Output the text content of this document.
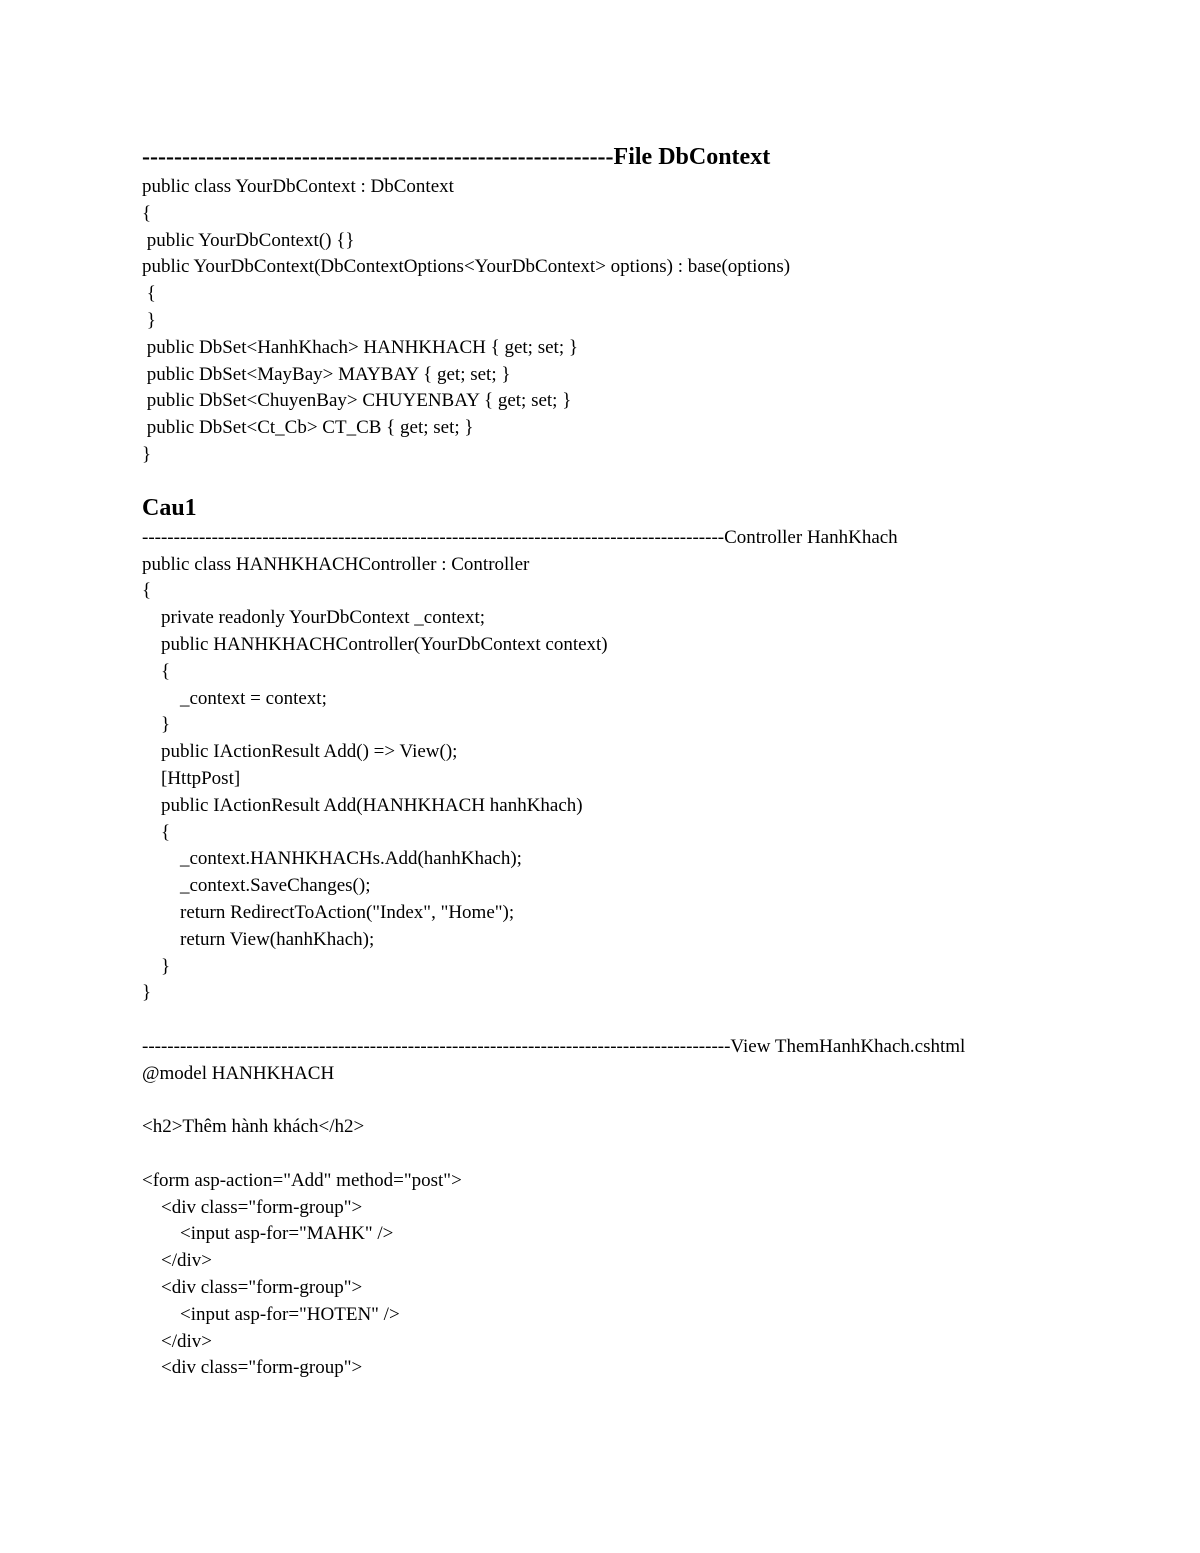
-----------------------------------------------------------File DbContext
public class YourDbContext : DbContext
{
public YourDbContext() {}
public YourDbContext(DbContextOptions<YourDbContext> options) : base(options)
{
}
public DbSet<HanhKhach> HANHKHACH { get; set; }
public DbSet<MayBay> MAYBAY { get; set; }
public DbSet<ChuyenBay> CHUYENBAY { get; set; }
public DbSet<Ct_Cb> CT_CB { get; set; }
}
Cau1
--------------------------------------------------------------------------------------------Controller HanhKhach
public class HANHKHACHController : Controller
{
private readonly YourDbContext _context;
public HANHKHACHController(YourDbContext context)
{
_context = context;
}
public IActionResult Add() => View();
[HttpPost]
public IActionResult Add(HANHKHACH hanhKhach)
{
_context.HANHKHACHs.Add(hanhKhach);
_context.SaveChanges();
return RedirectToAction("Index", "Home");
return View(hanhKhach);
}
}
---------------------------------------------------------------------------------------------View ThemHanhKhach.cshtml
@model HANHKHACH
<h2>Thêm hành khách</h2>
<form asp-action="Add" method="post">
<div class="form-group">
<input asp-for="MAHK" />
</div>
<div class="form-group">
<input asp-for="HOTEN" />
</div>
<div class="form-group">
